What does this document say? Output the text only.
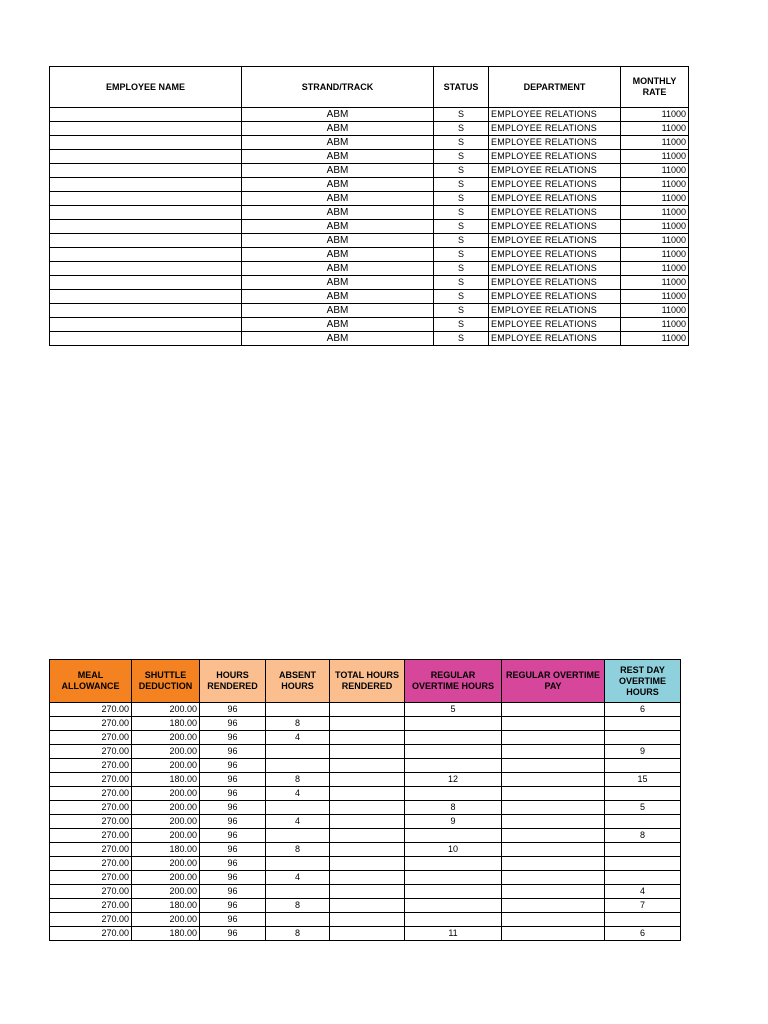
EMPLOYEE NAME	STRAND/TRACK	STATUS	DEPARTMENT	MONTHLY RATE
	ABM	S	EMPLOYEE RELATIONS	11000
	ABM	S	EMPLOYEE RELATIONS	11000
	ABM	S	EMPLOYEE RELATIONS	11000
	ABM	S	EMPLOYEE RELATIONS	11000
	ABM	S	EMPLOYEE RELATIONS	11000
	ABM	S	EMPLOYEE RELATIONS	11000
	ABM	S	EMPLOYEE RELATIONS	11000
	ABM	S	EMPLOYEE RELATIONS	11000
	ABM	S	EMPLOYEE RELATIONS	11000
	ABM	S	EMPLOYEE RELATIONS	11000
	ABM	S	EMPLOYEE RELATIONS	11000
	ABM	S	EMPLOYEE RELATIONS	11000
	ABM	S	EMPLOYEE RELATIONS	11000
	ABM	S	EMPLOYEE RELATIONS	11000
	ABM	S	EMPLOYEE RELATIONS	11000
	ABM	S	EMPLOYEE RELATIONS	11000
	ABM	S	EMPLOYEE RELATIONS	11000
MEAL ALLOWANCE	SHUTTLE DEDUCTION	HOURS RENDERED	ABSENT HOURS	TOTAL HOURS RENDERED	REGULAR OVERTIME HOURS	REGULAR OVERTIME PAY	REST DAY OVERTIME HOURS
270.00	200.00	96			5		6
270.00	180.00	96	8				
270.00	200.00	96	4				
270.00	200.00	96					9
270.00	200.00	96					
270.00	180.00	96	8		12		15
270.00	200.00	96	4				
270.00	200.00	96			8		5
270.00	200.00	96	4		9		
270.00	200.00	96					8
270.00	180.00	96	8		10		
270.00	200.00	96					
270.00	200.00	96	4				
270.00	200.00	96					4
270.00	180.00	96	8				7
270.00	200.00	96					
270.00	180.00	96	8		11		6
